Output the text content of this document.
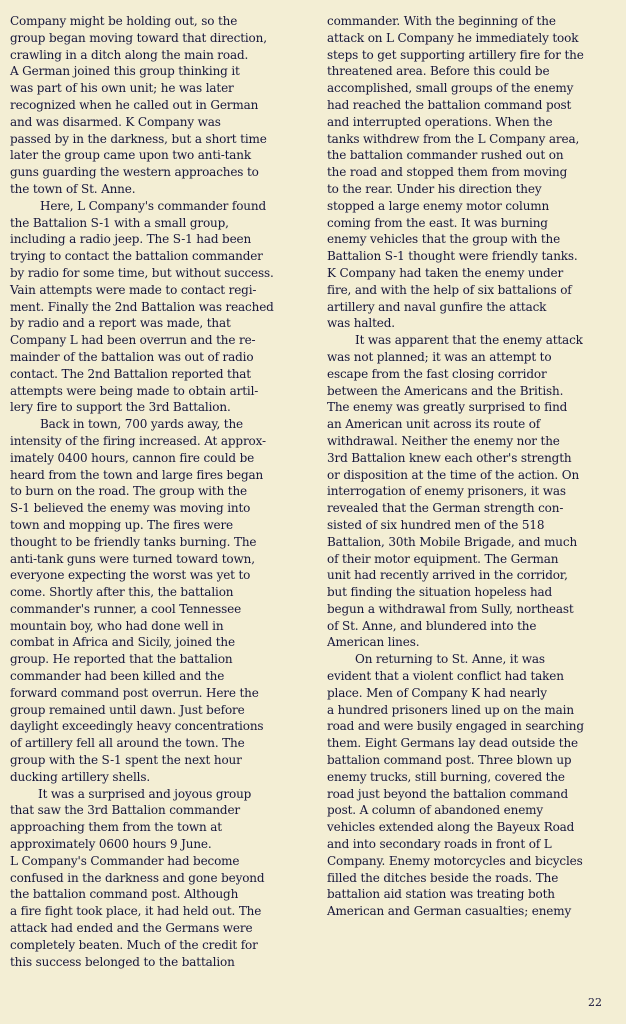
Company might be holding out, so the
group began moving toward that direction,
crawling in a ditch along the main road.
A German joined this group thinking it
was part of his own unit; he was later
recognized when he called out in German
and was disarmed. K Company was
passed by in the darkness, but a short time
later the group came upon two anti-tank
guns guarding the western approaches to
the town of St. Anne.

Here, L Company's commander found
the Battalion S-1 with a small group,
including a radio jeep. The S-1 had been
trying to contact the battalion commander
by radio for some time, but without success.
Vain attempts were made to contact regi-
ment. Finally the 2nd Battalion was reached
by radio and a report was made, that
Company L had been overrun and the re-
mainder of the battalion was out of radio
contact. The 2nd Battalion reported that
attempts were being made to obtain artil-
lery fire to support the 3rd Battalion.

Back in town, 700 yards away, the
intensity of the firing increased. At approx-
imately 0400 hours, cannon fire could be
heard from the town and large fires began
to burn on the road. The group with the
S-1 believed the enemy was moving into
town and mopping up. The fires were
thought to be friendly tanks burning. The
anti-tank guns were turned toward town,
everyone expecting the worst was yet to
come. Shortly after this, the battalion
commander's runner, a cool Tennessee
mountain boy, who had done well in
combat in Africa and Sicily, joined the
group. He reported that the battalion
commander had been killed and the
forward command post overrun. Here the
group remained until dawn. Just before
daylight exceedingly heavy concentrations
of artillery fell all around the town. The
group with the S-1 spent the next hour
ducking artillery shells.

It was a surprised and joyous group
that saw the 3rd Battalion commander
approaching them from the town at
approximately 0600 hours 9 June.
L Company's Commander had become
confused in the darkness and gone beyond
the battalion command post. Although
a fire fight took place, it had held out. The
attack had ended and the Germans were
completely beaten. Much of the credit for
this success belonged to the battalion

commander. With the beginning of the
attack on L Company he immediately took
steps to get supporting artillery fire for the
threatened area. Before this could be
accomplished, small groups of the enemy
had reached the battalion command post
and interrupted operations. When the
tanks withdrew from the L Company area,
the battalion commander rushed out on
the road and stopped them from moving
to the rear. Under his direction they
stopped a large enemy motor column
coming from the east. It was burning
enemy vehicles that the group with the
Battalion S-1 thought were friendly tanks.
K Company had taken the enemy under
fire, and with the help of six battalions of
artillery and naval gunfire the attack
was halted.

It was apparent that the enemy attack
was not planned; it was an attempt to
escape from the fast closing corridor
between the Americans and the British.
The enemy was greatly surprised to find
an American unit across its route of
withdrawal. Neither the enemy nor the
3rd Battalion knew each other's strength
or disposition at the time of the action. On
interrogation of enemy prisoners, it was
revealed that the German strength con-
sisted of six hundred men of the 518
Battalion, 30th Mobile Brigade, and much
of their motor equipment. The German
unit had recently arrived in the corridor,
but finding the situation hopeless had
begun a withdrawal from Sully, northeast
of St. Anne, and blundered into the
American lines.

On returning to St. Anne, it was
evident that a violent conflict had taken
place. Men of Company K had nearly
a hundred prisoners lined up on the main
road and were busily engaged in searching
them. Eight Germans lay dead outside the
battalion command post. Three blown up
enemy trucks, still burning, covered the
road just beyond the battalion command
post. A column of abandoned enemy
vehicles extended along the Bayeux Road
and into secondary roads in front of L
Company. Enemy motorcycles and bicycles
filled the ditches beside the roads. The
battalion aid station was treating both
American and German casualties; enemy

22
